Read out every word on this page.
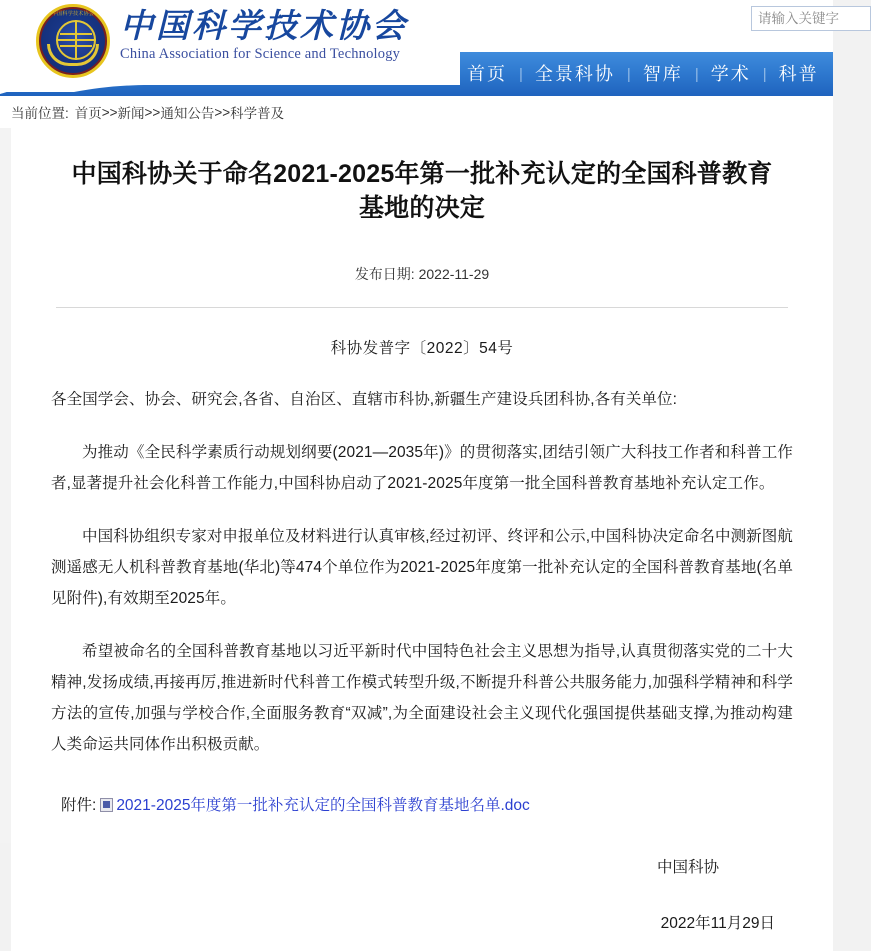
中国科学技术协会 中国科学技术协会
China Association for Science and Technology
首页 | 全景科协 | 智库 | 学术 | 科普
请输入关键字
当前位置: 首页 >> 新闻 >> 通知公告 >> 科学普及
中国科协关于命名2021-2025年第一批补充认定的全国科普教育基地的决定

发布日期: 2022-11-29

科协发普字〔2022〕54号

各全国学会、协会、研究会,各省、自治区、直辖市科协,新疆生产建设兵团科协,各有关单位:

为推动《全民科学素质行动规划纲要(2021—2035年)》的贯彻落实,团结引领广大科技工作者和科普工作者,显著提升社会化科普工作能力,中国科协启动了2021-2025年度第一批全国科普教育基地补充认定工作。

中国科协组织专家对申报单位及材料进行认真审核,经过初评、终评和公示,中国科协决定命名中测新图航测遥感无人机科普教育基地(华北)等474个单位作为2021-2025年度第一批补充认定的全国科普教育基地(名单见附件),有效期至2025年。

希望被命名的全国科普教育基地以习近平新时代中国特色社会主义思想为指导,认真贯彻落实党的二十大精神,发扬成绩,再接再厉,推进新时代科普工作模式转型升级,不断提升科普公共服务能力,加强科学精神和科学方法的宣传,加强与学校合作,全面服务教育“双减”,为全面建设社会主义现代化强国提供基础支撑,为推动构建人类命运共同体作出积极贡献。

附件: 2021-2025年度第一批补充认定的全国科普教育基地名单.doc
中国科协
2022年11月29日
